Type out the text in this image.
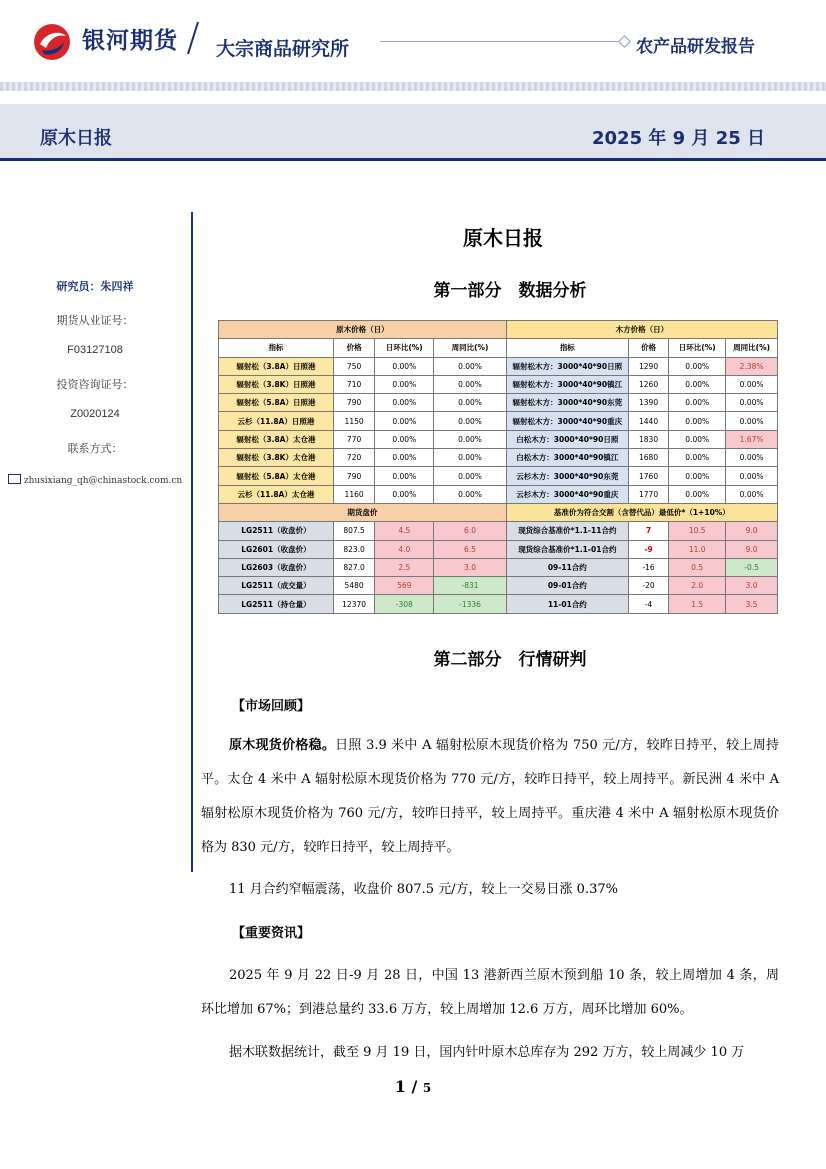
银河期货 大宗商品研究所	农产品研发报告
原木日报	2025 年 9 月 25 日
研究员：朱四祥
期货从业证号：
F03127108
投资咨询证号：
Z0020124
联系方式：
zhusixiang_qh@chinastock.com.cn
原木日报
第一部分　数据分析
原木价格（日）				木方价格（日）			
指标	价格	日环比(%)	周同比(%)	指标	价格	日环比(%)	周同比(%)
辐射松（3.8A）日照港	750	0.00%	0.00%	辐射松木方：3000*40*90日照	1290	0.00%	2.38%
辐射松（3.8K）日照港	710	0.00%	0.00%	辐射松木方：3000*40*90镇江	1260	0.00%	0.00%
辐射松（5.8A）日照港	790	0.00%	0.00%	辐射松木方：3000*40*90东莞	1390	0.00%	0.00%
云杉（11.8A）日照港	1150	0.00%	0.00%	辐射松木方：3000*40*90重庆	1440	0.00%	0.00%
辐射松（3.8A）太仓港	770	0.00%	0.00%	白松木方：3000*40*90日照	1830	0.00%	1.67%
辐射松（3.8K）太仓港	720	0.00%	0.00%	白松木方：3000*40*90镇江	1680	0.00%	0.00%
辐射松（5.8A）太仓港	790	0.00%	0.00%	云杉木方：3000*40*90东莞	1760	0.00%	0.00%
云杉（11.8A）太仓港	1160	0.00%	0.00%	云杉木方：3000*40*90重庆	1770	0.00%	0.00%
期货盘价				基准价为符合交割（含替代品）最低价*（1+10%）			
LG2511（收盘价）	807.5	4.5	6.0	现货综合基准价*1.1-11合约	7	10.5	9.0
LG2601（收盘价）	823.0	4.0	6.5	现货综合基准价*1.1-01合约	-9	11.0	9.0
LG2603（收盘价）	827.0	2.5	3.0	09-11合约	-16	0.5	-0.5
LG2511（成交量）	5480	569	-831	09-01合约	-20	2.0	3.0
LG2511（持仓量）	12370	-308	-1336	11-01合约	-4	1.5	3.5
第二部分　行情研判
【市场回顾】
原木现货价格稳。日照 3.9 米中 A 辐射松原木现货价格为 750 元/方，较昨日持平，较上周持平。太仓 4 米中 A 辐射松原木现货价格为 770 元/方，较昨日持平，较上周持平。新民洲 4 米中 A 辐射松原木现货价格为 760 元/方，较昨日持平，较上周持平。重庆港 4 米中 A 辐射松原木现货价格为 830 元/方，较昨日持平，较上周持平。
11 月合约窄幅震荡，收盘价 807.5 元/方，较上一交易日涨 0.37%
【重要资讯】
2025 年 9 月 22 日-9 月 28 日，中国 13 港新西兰原木预到船 10 条，较上周增加 4 条，周环比增加 67%；到港总量约 33.6 万方，较上周增加 12.6 万方，周环比增加 60%。
据木联数据统计，截至 9 月 19 日，国内针叶原木总库存为 292 万方，较上周减少 10 万
1 / 5
